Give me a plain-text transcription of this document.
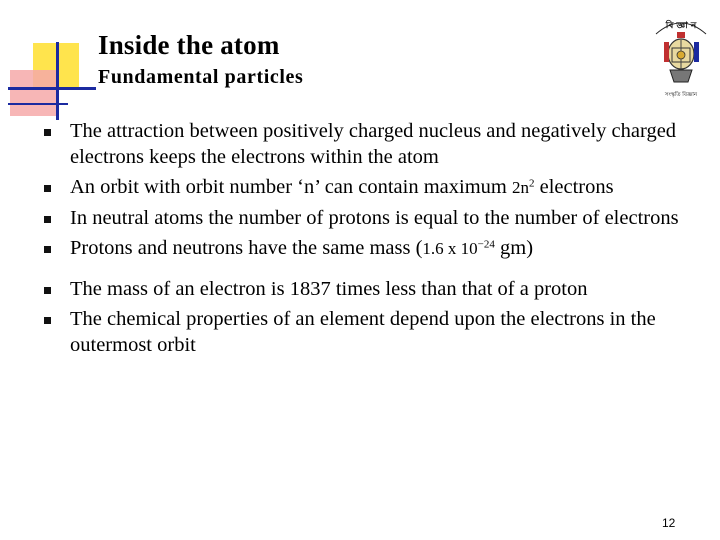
Inside the atom
Fundamental particles
বি জ্ঞা ন
সংস্কৃতি বিজ্ঞান
The attraction between positively charged nucleus and negatively charged electrons keeps the electrons within the atom
An orbit with orbit number ‘n’ can contain maximum $2n^2$ electrons
In neutral atoms the number of protons is equal to the number of electrons
Protons and neutrons have the same mass (1.6 x $10^{-24}$ gm)
The mass of an electron is 1837 times less than that of a proton
The chemical properties of an element depend upon the electrons in the outermost orbit
12
